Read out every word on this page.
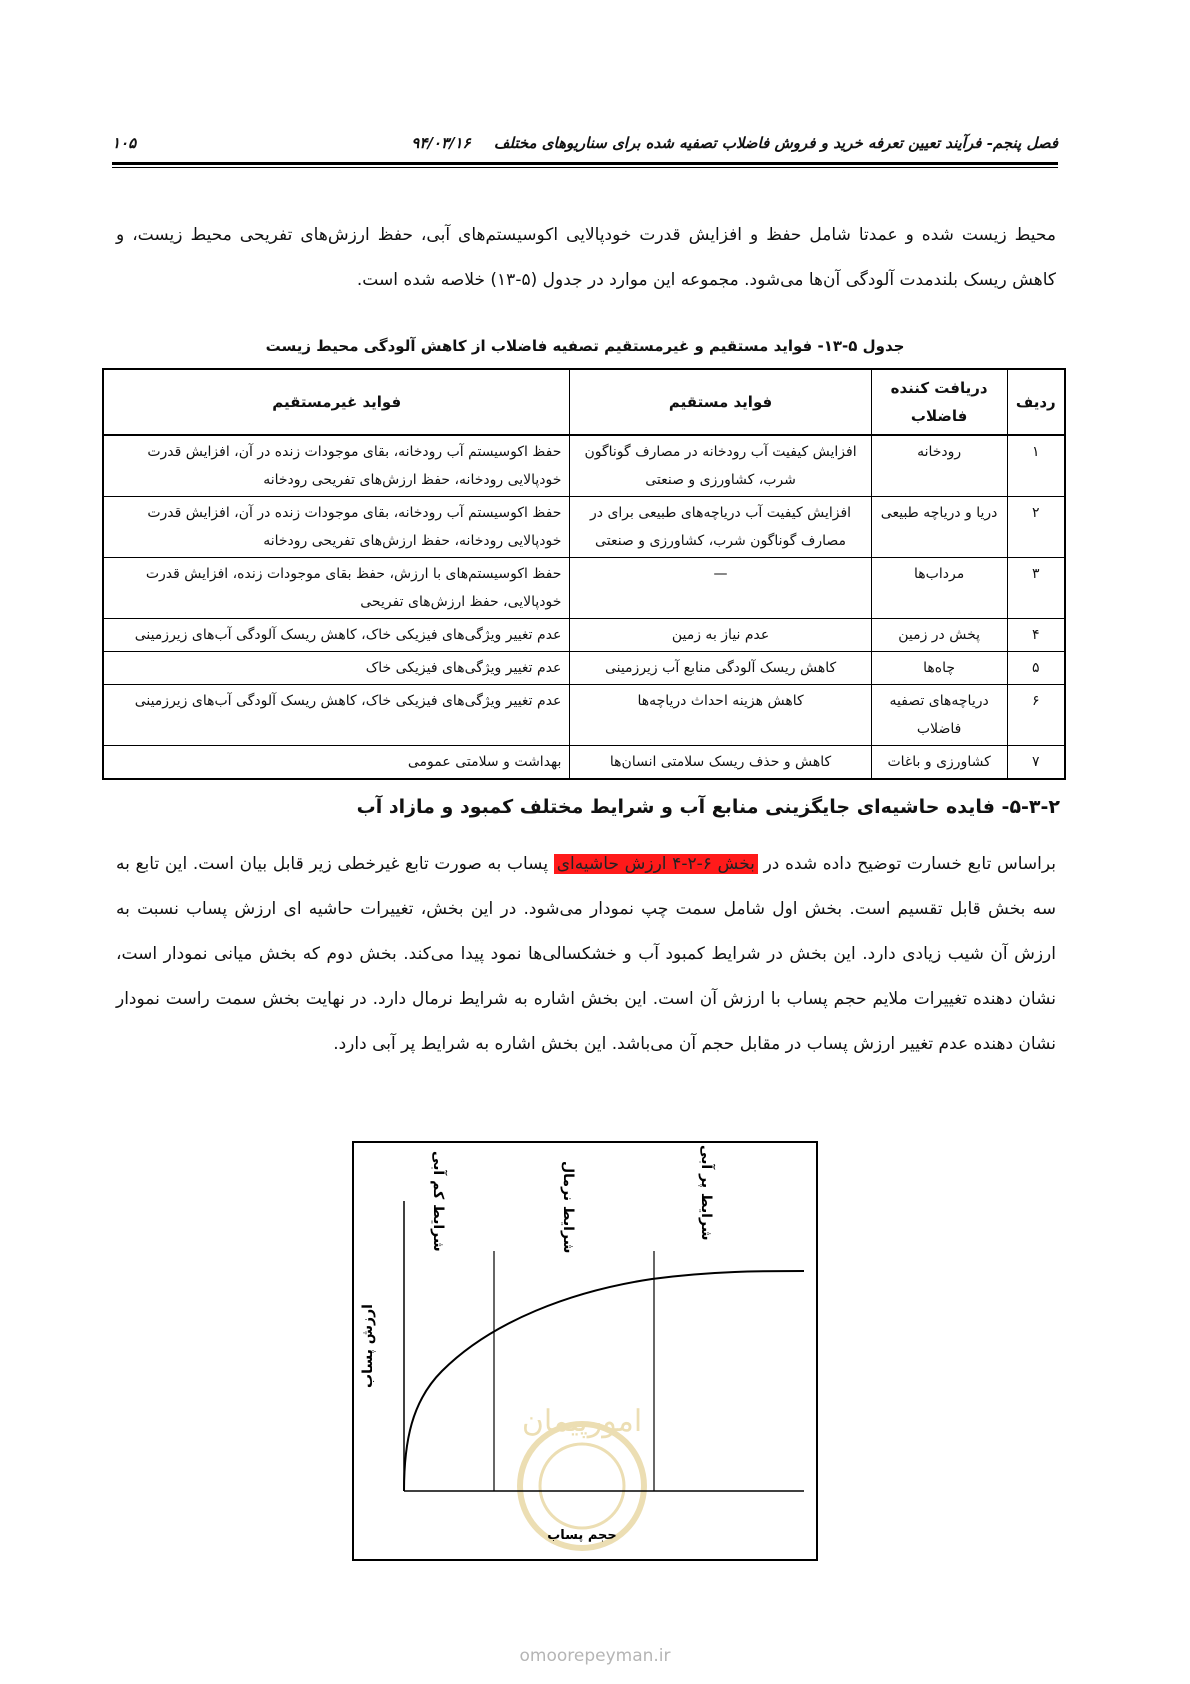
فصل پنجم- فرآیند تعیین تعرفه خرید و فروش فاضلاب تصفیه شده برای سناریوهای مختلف ۹۴/۰۳/۱۶
۱۰۵

محیط زیست شده و عمدتا شامل حفظ و افزایش قدرت خودپالایی اکوسیستم‌های آبی، حفظ ارزش‌های تفریحی محیط زیست، و کاهش ریسک بلندمدت آلودگی آن‌ها می‌شود. مجموعه این موارد در جدول (۵-۱۳) خلاصه شده است.

جدول ۵-۱۳- فواید مستقیم و غیرمستقیم تصفیه فاضلاب از کاهش آلودگی محیط زیست
ردیف	دریافت کننده فاضلاب	فواید مستقیم	فواید غیرمستقیم
۱	رودخانه	افزایش کیفیت آب رودخانه در مصارف گوناگون شرب، کشاورزی و صنعتی	حفظ اکوسیستم آب رودخانه، بقای موجودات زنده در آن، افزایش قدرت خودپالایی رودخانه، حفظ ارزش‌های تفریحی رودخانه
۲	دریا و دریاچه طبیعی	افزایش کیفیت آب دریاچه‌های طبیعی برای در مصارف گوناگون شرب، کشاورزی و صنعتی	حفظ اکوسیستم آب رودخانه، بقای موجودات زنده در آن، افزایش قدرت خودپالایی رودخانه، حفظ ارزش‌های تفریحی رودخانه
۳	مرداب‌ها	—	حفظ اکوسیستم‌های با ارزش، حفظ بقای موجودات زنده، افزایش قدرت خودپالایی، حفظ ارزش‌های تفریحی
۴	پخش در زمین	عدم نیاز به زمین	عدم تغییر ویژگی‌های فیزیکی خاک، کاهش ریسک آلودگی آب‌های زیرزمینی
۵	چاه‌ها	کاهش ریسک آلودگی منابع آب زیرزمینی	عدم تغییر ویژگی‌های فیزیکی خاک
۶	دریاچه‌های تصفیه فاضلاب	کاهش هزینه احداث دریاچه‌ها	عدم تغییر ویژگی‌های فیزیکی خاک، کاهش ریسک آلودگی آب‌های زیرزمینی
۷	کشاورزی و باغات	کاهش و حذف ریسک سلامتی انسان‌ها	بهداشت و سلامتی عمومی
۵-۳-۲- فایده حاشیه‌ای جایگزینی منابع آب و شرایط مختلف کمبود و مازاد آب

براساس تابع خسارت توضیح داده شده در بخش ۶-۲-۴ ارزش حاشیه‌ای پساب به صورت تابع غیرخطی زیر قابل بیان است. این تابع به سه بخش قابل تقسیم است. بخش اول شامل سمت چپ نمودار می‌شود. در این بخش، تغییرات حاشیه ای ارزش پساب نسبت به ارزش آن شیب زیادی دارد. این بخش در شرایط کمبود آب و خشکسالی‌ها نمود پیدا می‌کند. بخش دوم که بخش میانی نمودار است، نشان دهنده تغییرات ملایم حجم پساب با ارزش آن است. این بخش اشاره به شرایط نرمال دارد. در نهایت بخش سمت راست نمودار نشان دهنده عدم تغییر ارزش پساب در مقابل حجم آن می‌باشد. این بخش اشاره به شرایط پر آبی دارد.

امورپیمان
ارزش پساب
حجم پساب
شرایط کم آبی	شرایط نرمال	شرایط پر آبی
omoorepeyman.ir
